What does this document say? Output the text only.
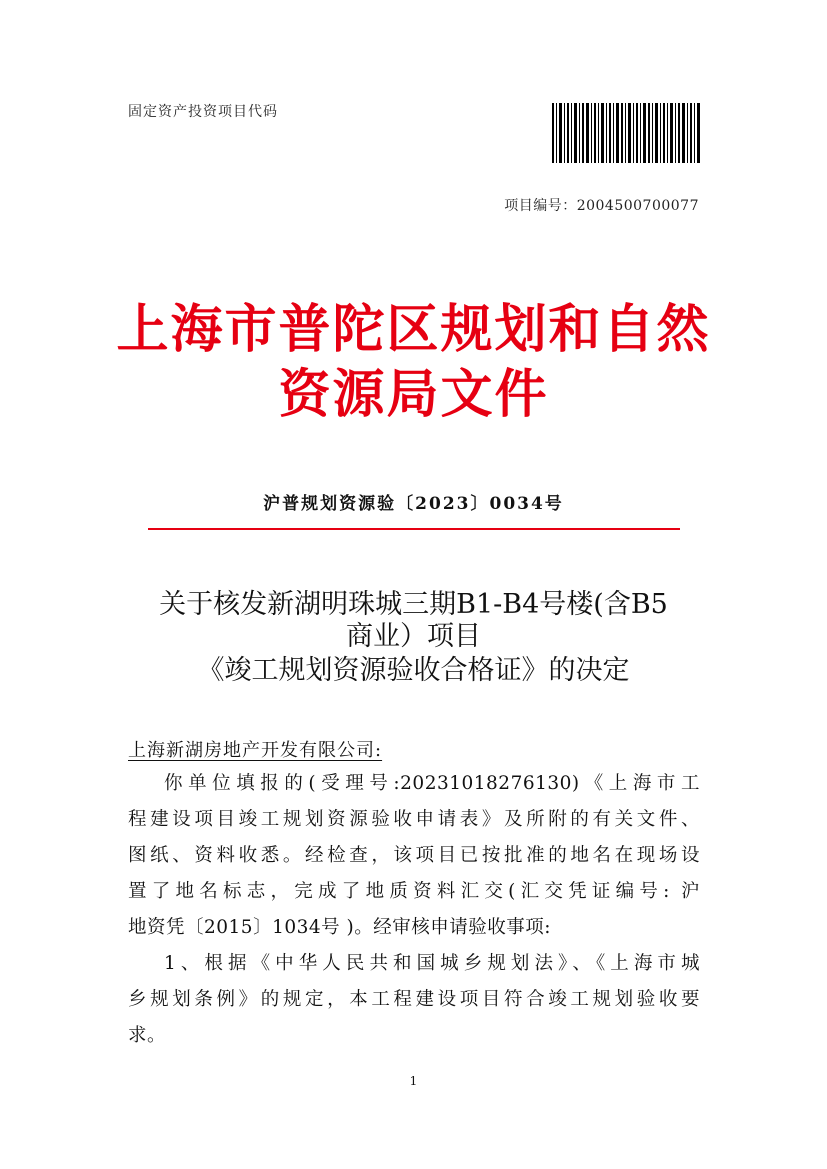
固定资产投资项目代码
项目编号：2004500700077
上海市普陀区规划和自然
资源局文件
沪普规划资源验〔2023〕0034号
关于核发新湖明珠城三期B1-B4号楼(含B5
商业）项目
《竣工规划资源验收合格证》的决定
上海新湖房地产开发有限公司:
你单位填报的(受理号:20231018276130)《上海市工
程建设项目竣工规划资源验收申请表》及所附的有关文件、
图纸、资料收悉。经检查，该项目已按批准的地名在现场设
置了地名标志，完成了地质资料汇交(汇交凭证编号: 沪
地资凭〔2015〕1034号 )。经审核申请验收事项:
1、根据《中华人民共和国城乡规划法》、《上海市城
乡规划条例》的规定，本工程建设项目符合竣工规划验收要
求。
1
